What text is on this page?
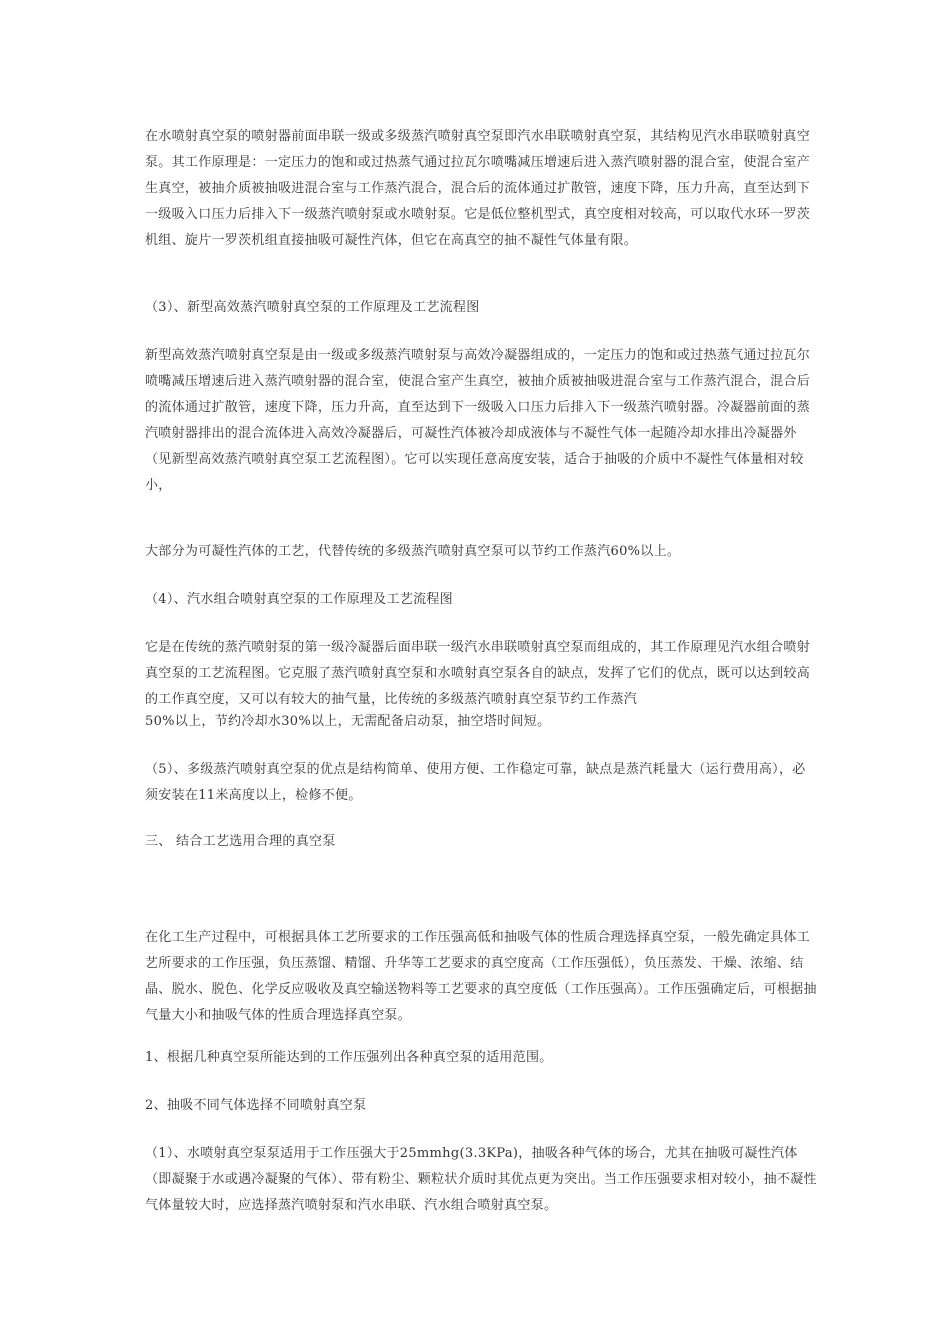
在水喷射真空泵的喷射器前面串联一级或多级蒸汽喷射真空泵即汽水串联喷射真空泵，其结构见汽水串联喷射真空泵。其工作原理是：一定压力的饱和或过热蒸气通过拉瓦尔喷嘴减压增速后进入蒸汽喷射器的混合室，使混合室产生真空，被抽介质被抽吸进混合室与工作蒸汽混合，混合后的流体通过扩散管，速度下降，压力升高，直至达到下一级吸入口压力后排入下一级蒸汽喷射泵或水喷射泵。它是低位整机型式，真空度相对较高，可以取代水环一罗茨机组、旋片一罗茨机组直接抽吸可凝性汽体，但它在高真空的抽不凝性气体量有限。

（3）、新型高效蒸汽喷射真空泵的工作原理及工艺流程图

新型高效蒸汽喷射真空泵是由一级或多级蒸汽喷射泵与高效冷凝器组成的，一定压力的饱和或过热蒸气通过拉瓦尔喷嘴减压增速后进入蒸汽喷射器的混合室，使混合室产生真空，被抽介质被抽吸进混合室与工作蒸汽混合，混合后的流体通过扩散管，速度下降，压力升高，直至达到下一级吸入口压力后排入下一级蒸汽喷射器。冷凝器前面的蒸汽喷射器排出的混合流体进入高效冷凝器后，可凝性汽体被冷却成液体与不凝性气体一起随冷却水排出冷凝器外（见新型高效蒸汽喷射真空泵工艺流程图）。它可以实现任意高度安装，适合于抽吸的介质中不凝性气体量相对较小，

大部分为可凝性汽体的工艺，代替传统的多级蒸汽喷射真空泵可以节约工作蒸汽60%以上。

（4）、汽水组合喷射真空泵的工作原理及工艺流程图

它是在传统的蒸汽喷射泵的第一级冷凝器后面串联一级汽水串联喷射真空泵而组成的，其工作原理见汽水组合喷射真空泵的工艺流程图。它克服了蒸汽喷射真空泵和水喷射真空泵各自的缺点，发挥了它们的优点，既可以达到较高的工作真空度，又可以有较大的抽气量，比传统的多级蒸汽喷射真空泵节约工作蒸汽

50%以上，节约冷却水30%以上，无需配备启动泵，抽空塔时间短。

（5）、多级蒸汽喷射真空泵的优点是结构简单、使用方便、工作稳定可靠，缺点是蒸汽耗量大（运行费用高），必须安装在11米高度以上，检修不便。

三、 结合工艺选用合理的真空泵

在化工生产过程中，可根据具体工艺所要求的工作压强高低和抽吸气体的性质合理选择真空泵，一般先确定具体工艺所要求的工作压强，负压蒸馏、精馏、升华等工艺要求的真空度高（工作压强低），负压蒸发、干燥、浓缩、结晶、脱水、脱色、化学反应吸收及真空输送物料等工艺要求的真空度低（工作压强高）。工作压强确定后，可根据抽气量大小和抽吸气体的性质合理选择真空泵。

1、根据几种真空泵所能达到的工作压强列出各种真空泵的适用范围。

2、抽吸不同气体选择不同喷射真空泵

（1）、水喷射真空泵泵适用于工作压强大于25mmhg(3.3KPa)，抽吸各种气体的场合，尤其在抽吸可凝性汽体（即凝聚于水或遇冷凝聚的气体）、带有粉尘、颗粒状介质时其优点更为突出。当工作压强要求相对较小，抽不凝性气体量较大时，应选择蒸汽喷射泵和汽水串联、汽水组合喷射真空泵。
